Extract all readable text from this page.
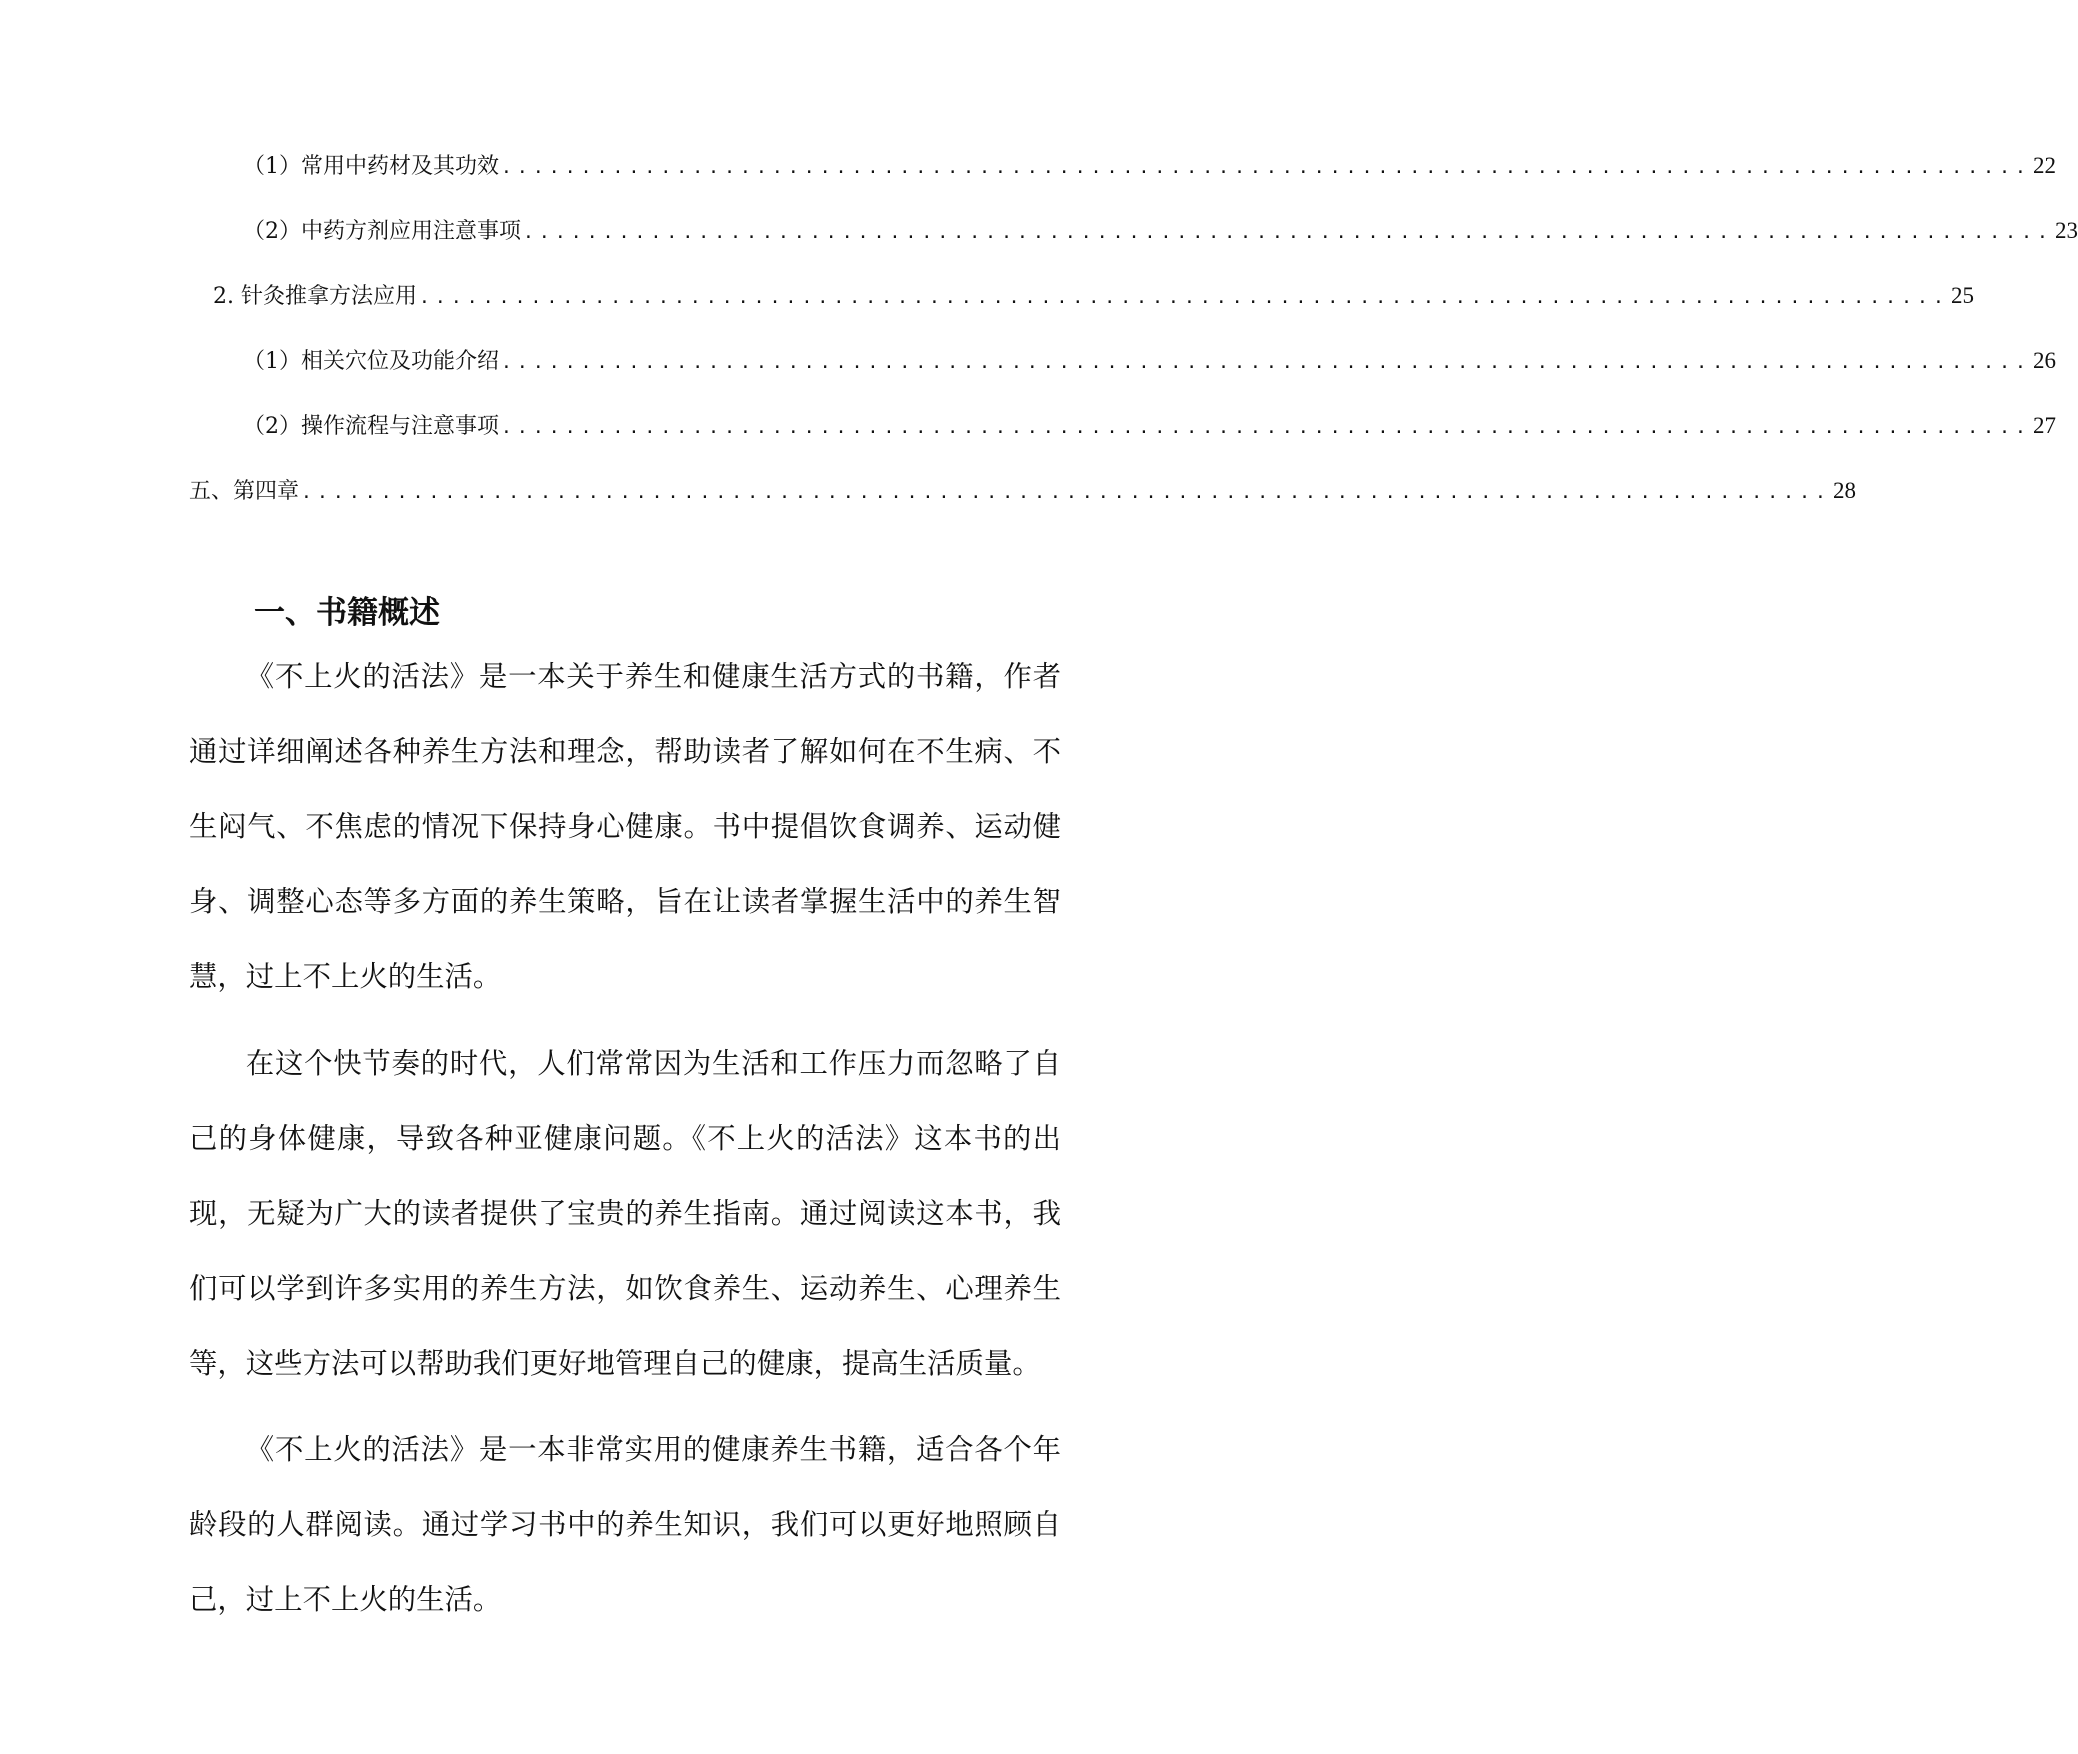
（1）常用中药材及其功效 ................................................................................................ 22
（2）中药方剂应用注意事项 ................................................................................................ 23
2. 针灸推拿方法应用 ................................................................................................ 25
（1）相关穴位及功能介绍 ................................................................................................ 26
（2）操作流程与注意事项 ................................................................................................ 27
五、第四章 ................................................................................................ 28
一、书籍概述

《不上火的活法》是一本关于养生和健康生活方式的书籍，作者通过详细阐述各种养生方法和理念，帮助读者了解如何在不生病、不生闷气、不焦虑的情况下保持身心健康。书中提倡饮食调养、运动健身、调整心态等多方面的养生策略，旨在让读者掌握生活中的养生智慧，过上不上火的生活。

在这个快节奏的时代，人们常常因为生活和工作压力而忽略了自己的身体健康，导致各种亚健康问题。《不上火的活法》这本书的出现，无疑为广大的读者提供了宝贵的养生指南。通过阅读这本书，我们可以学到许多实用的养生方法，如饮食养生、运动养生、心理养生等，这些方法可以帮助我们更好地管理自己的健康，提高生活质量。

《不上火的活法》是一本非常实用的健康养生书籍，适合各个年龄段的人群阅读。通过学习书中的养生知识，我们可以更好地照顾自己，过上不上火的生活。
